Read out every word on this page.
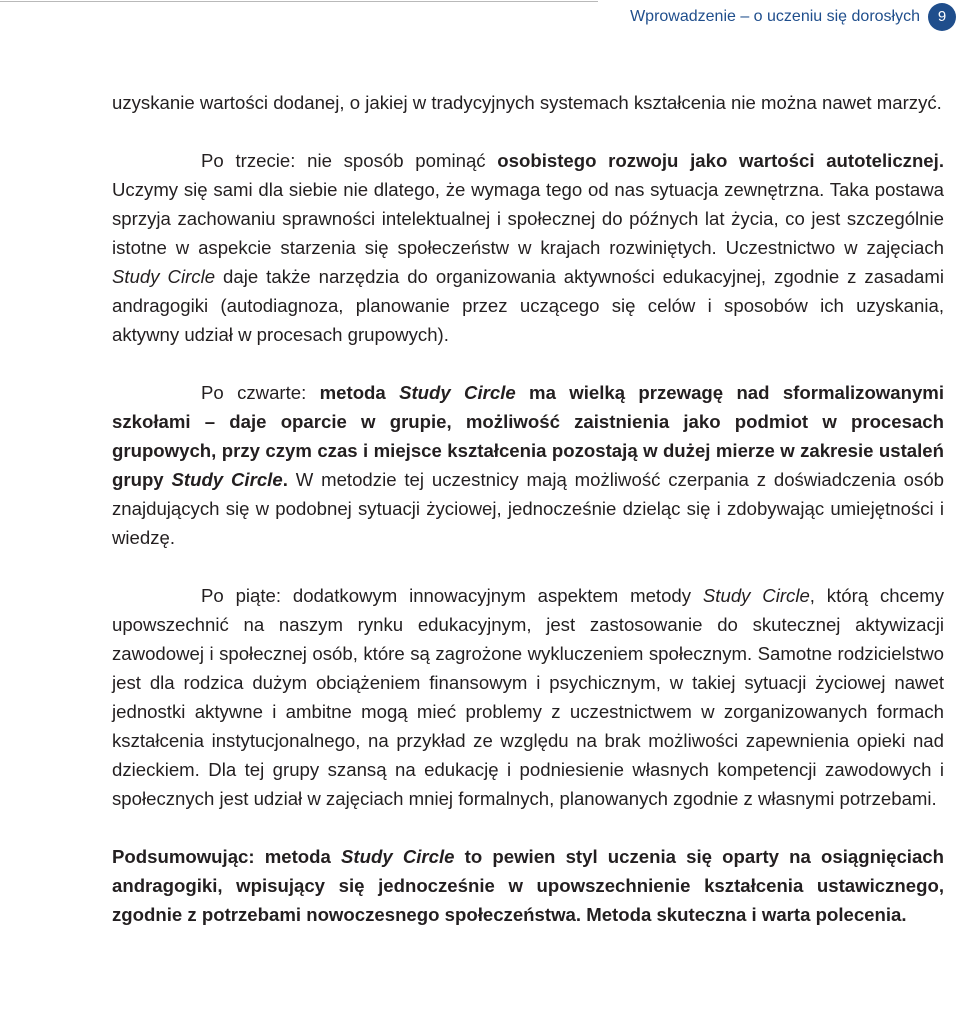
Wprowadzenie – o uczeniu się dorosłych	9

uzyskanie wartości dodanej, o jakiej w tradycyjnych systemach kształcenia nie można nawet marzyć.

Po trzecie: nie sposób pominąć osobistego rozwoju jako wartości autotelicznej. Uczymy się sami dla siebie nie dlatego, że wymaga tego od nas sytuacja zewnętrzna. Taka postawa sprzyja zachowaniu sprawności intelektualnej i społecznej do późnych lat życia, co jest szczególnie istotne w aspekcie starzenia się społeczeństw w krajach rozwiniętych. Uczestnictwo w zajęciach Study Circle daje także narzędzia do organizowania aktywności edukacyjnej, zgodnie z zasadami andragogiki (autodiagnoza, planowanie przez uczącego się celów i sposobów ich uzyskania, aktywny udział w procesach grupowych).

Po czwarte: metoda Study Circle ma wielką przewagę nad sformalizowanymi szkołami – daje oparcie w grupie, możliwość zaistnienia jako podmiot w procesach grupowych, przy czym czas i miejsce kształcenia pozostają w dużej mierze w zakresie ustaleń grupy Study Circle. W metodzie tej uczestnicy mają możliwość czerpania z doświadczenia osób znajdujących się w podobnej sytuacji życiowej, jednocześnie dzieląc się i zdobywając umiejętności i wiedzę.

Po piąte: dodatkowym innowacyjnym aspektem metody Study Circle, którą chcemy upowszechnić na naszym rynku edukacyjnym, jest zastosowanie do skutecznej aktywizacji zawodowej i społecznej osób, które są zagrożone wykluczeniem społecznym. Samotne rodzicielstwo jest dla rodzica dużym obciążeniem finansowym i psychicznym, w takiej sytuacji życiowej nawet jednostki aktywne i ambitne mogą mieć problemy z uczestnictwem w zorganizowanych formach kształcenia instytucjonalnego, na przykład ze względu na brak możliwości zapewnienia opieki nad dzieckiem. Dla tej grupy szansą na edukację i podniesienie własnych kompetencji zawodowych i społecznych jest udział w zajęciach mniej formalnych, planowanych zgodnie z własnymi potrzebami.

Podsumowując: metoda Study Circle to pewien styl uczenia się oparty na osiągnięciach andragogiki, wpisujący się jednocześnie w upowszechnienie kształcenia ustawicznego, zgodnie z potrzebami nowoczesnego społeczeństwa. Metoda skuteczna i warta polecenia.
